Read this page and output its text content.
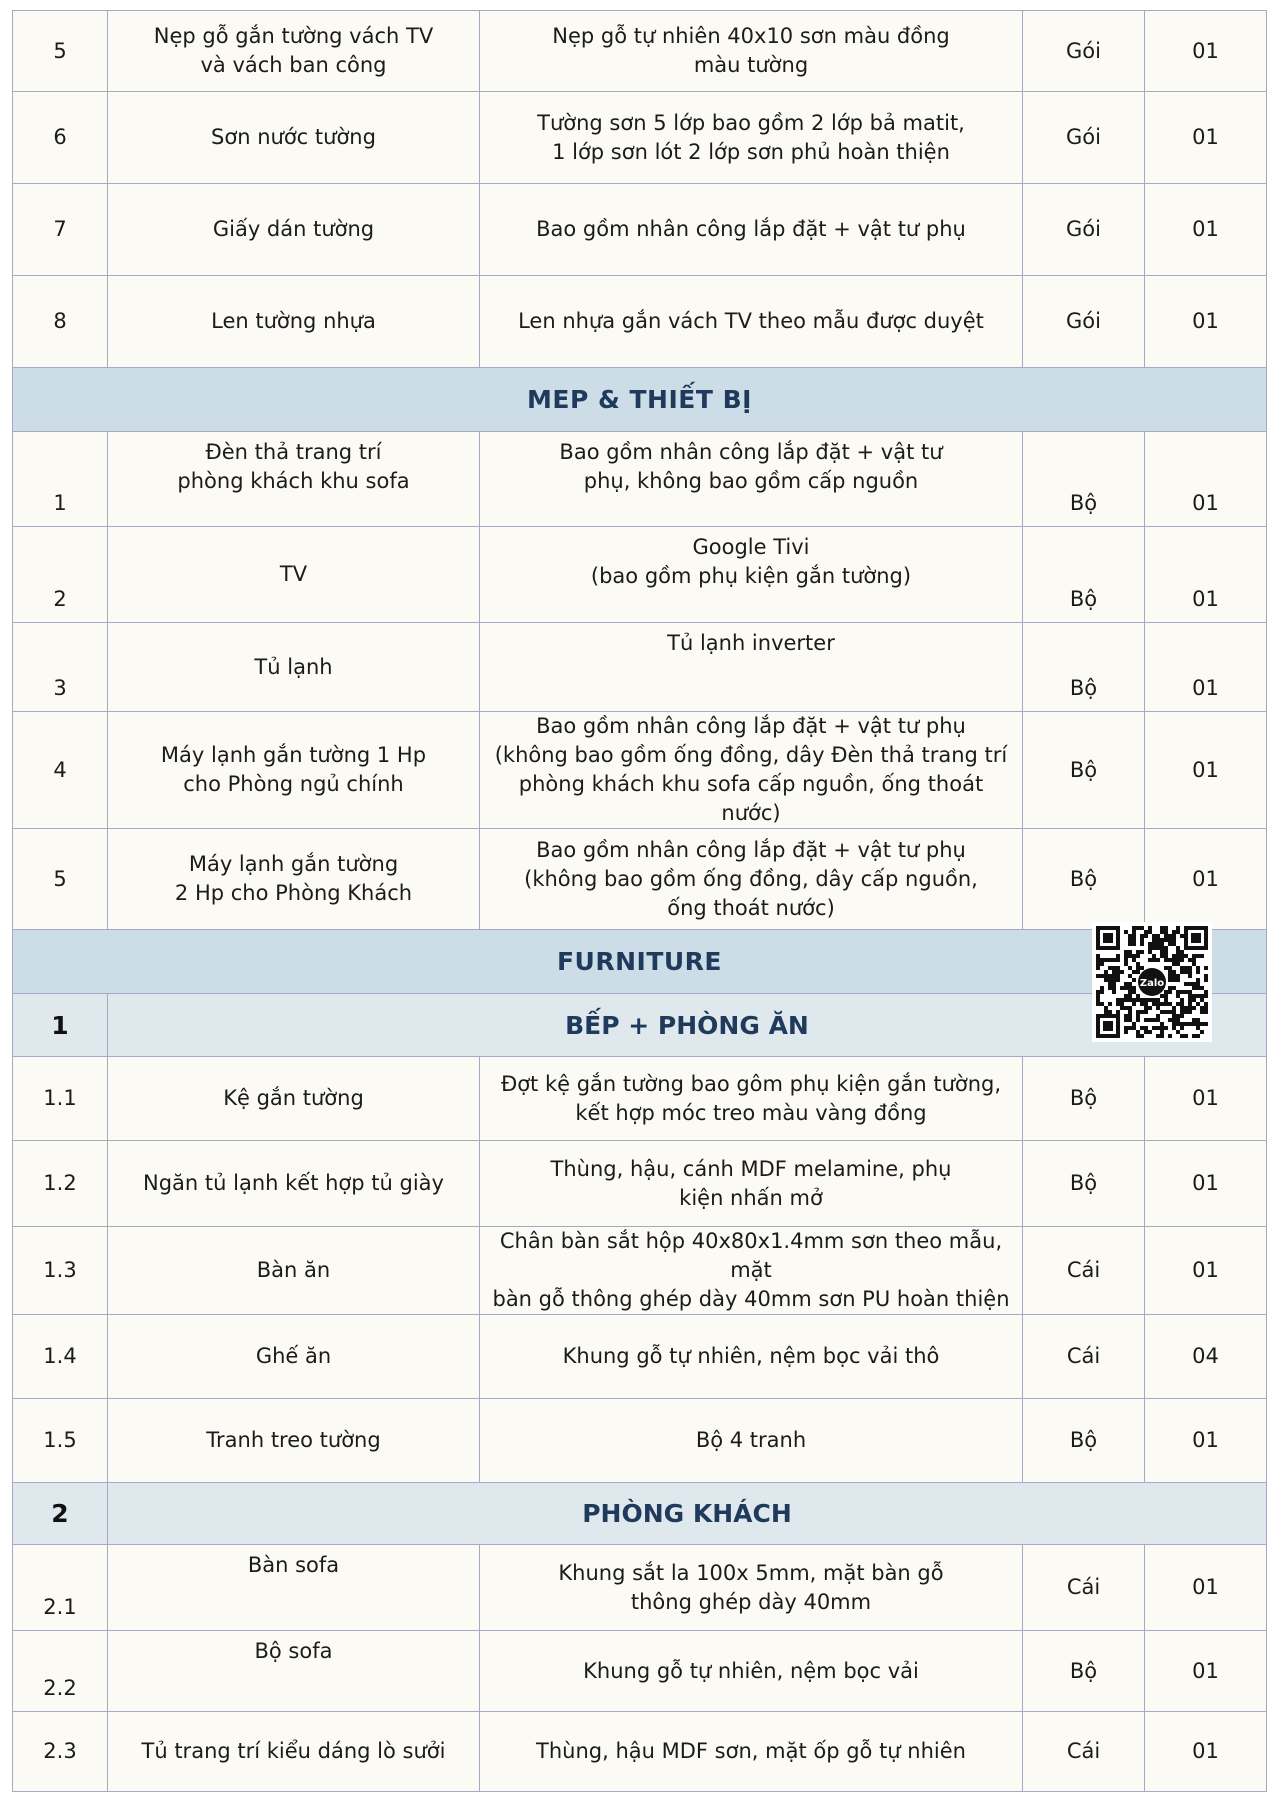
5	Nẹp gỗ gắn tường vách TV
và vách ban công	Nẹp gỗ tự nhiên 40x10 sơn màu đồng
màu tường	Gói	01
6	Sơn nước tường	Tường sơn 5 lớp bao gồm 2 lớp bả matit,
1 lớp sơn lót 2 lớp sơn phủ hoàn thiện	Gói	01
7	Giấy dán tường	Bao gồm nhân công lắp đặt + vật tư phụ	Gói	01
8	Len tường nhựa	Len nhựa gắn vách TV theo mẫu được duyệt	Gói	01
MEP & THIẾT BỊ				
1	Đèn thả trang trí
phòng khách khu sofa	Bao gồm nhân công lắp đặt + vật tư
phụ, không bao gồm cấp nguồn	Bộ	01
2	TV	Google Tivi
(bao gồm phụ kiện gắn tường)	Bộ	01
3	Tủ lạnh	Tủ lạnh inverter	Bộ	01
4	Máy lạnh gắn tường 1 Hp
cho Phòng ngủ chính	Bao gồm nhân công lắp đặt + vật tư phụ
(không bao gồm ống đồng, dây Đèn thả trang trí
phòng khách khu sofa cấp nguồn, ống thoát nước)	Bộ	01
5	Máy lạnh gắn tường
2 Hp cho Phòng Khách	Bao gồm nhân công lắp đặt + vật tư phụ
(không bao gồm ống đồng, dây cấp nguồn,
ống thoát nước)	Bộ	01
FURNITURE				
1	BẾP + PHÒNG ĂN			
1.1	Kệ gắn tường	Đợt kệ gắn tường bao gôm phụ kiện gắn tường,
kết hợp móc treo màu vàng đồng	Bộ	01
1.2	Ngăn tủ lạnh kết hợp tủ giày	Thùng, hậu, cánh MDF melamine, phụ
kiện nhấn mở	Bộ	01
1.3	Bàn ăn	Chân bàn sắt hộp 40x80x1.4mm sơn theo mẫu, mặt
bàn gỗ thông ghép dày 40mm sơn PU hoàn thiện	Cái	01
1.4	Ghế ăn	Khung gỗ tự nhiên, nệm bọc vải thô	Cái	04
1.5	Tranh treo tường	Bộ 4 tranh	Bộ	01
2	PHÒNG KHÁCH			
2.1	Bàn sofa	Khung sắt la 100x 5mm, mặt bàn gỗ
thông ghép dày 40mm	Cái	01
2.2	Bộ sofa	Khung gỗ tự nhiên, nệm bọc vải	Bộ	01
2.3	Tủ trang trí kiểu dáng lò sưởi	Thùng, hậu MDF sơn, mặt ốp gỗ tự nhiên	Cái	01
Zalo
